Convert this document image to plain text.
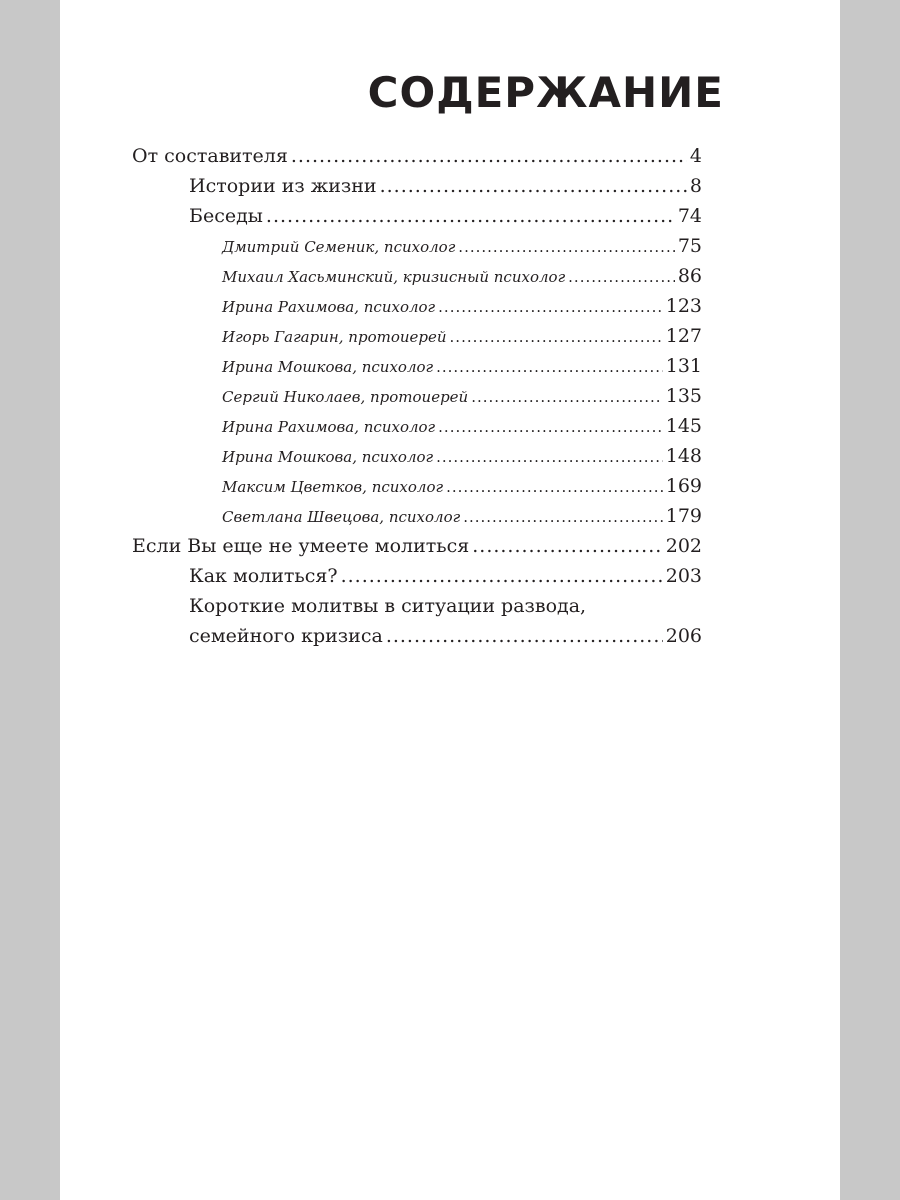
СОДЕРЖАНИЕ
От составителя .....	4
Истории из жизни .....	8
Беседы .....	74
Дмитрий Семеник, психолог .....	75
Михаил Хасьминский, кризисный психолог .....	86
Ирина Рахимова, психолог .....	123
Игорь Гагарин, протоиерей .....	127
Ирина Мошкова, психолог .....	131
Сергий Николаев, протоиерей .....	135
Ирина Рахимова, психолог .....	145
Ирина Мошкова, психолог .....	148
Максим Цветков, психолог .....	169
Светлана Швецова, психолог .....	179
Если Вы еще не умеете молиться .....	202
Как молиться? .....	203
Короткие молитвы в ситуации развода,
семейного кризиса .....	206
